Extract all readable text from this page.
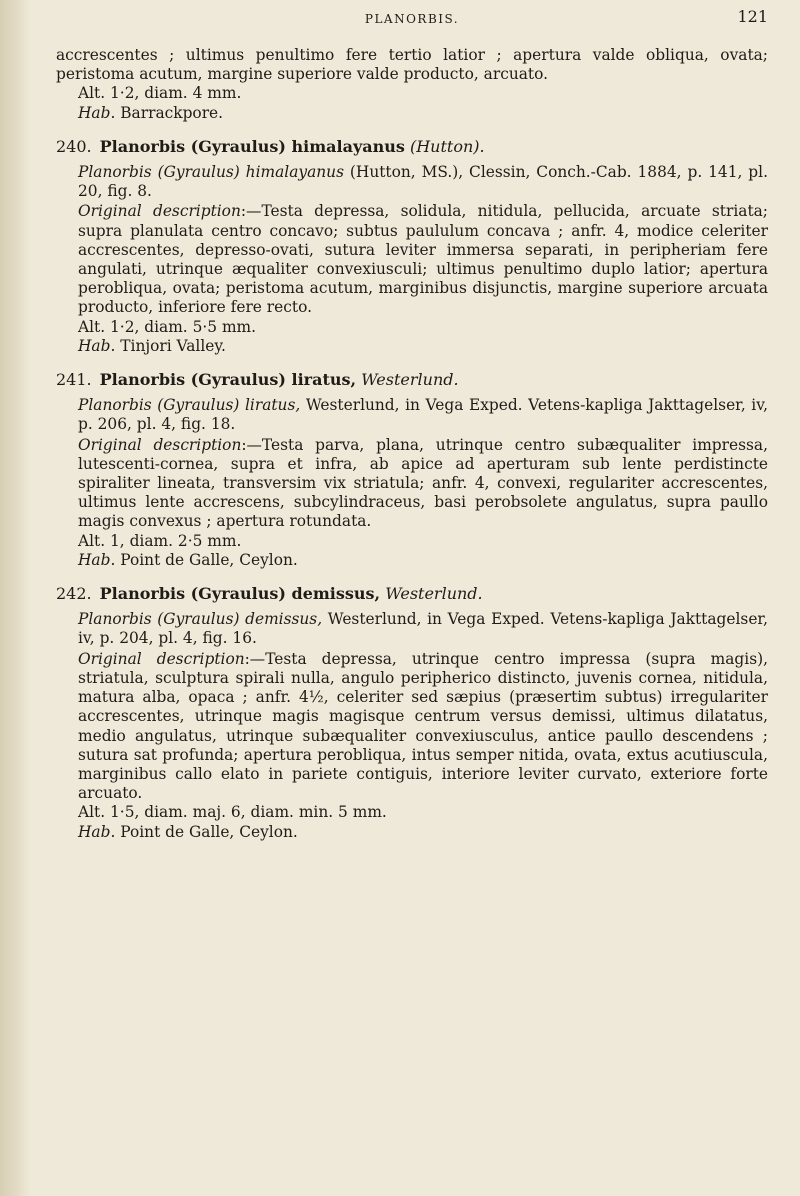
PLANORBIS.	121

accrescentes ; ultimus penultimo fere tertio latior ; apertura valde obliqua, ovata; peristoma acutum, margine superiore valde producto, arcuato.

Alt. 1·2, diam. 4 mm.

Hab. Barrackpore.

240. Planorbis (Gyraulus) himalayanus (Hutton).

Planorbis (Gyraulus) himalayanus (Hutton, MS.), Clessin, Conch.-Cab. 1884, p. 141, pl. 20, fig. 8.

Original description:—Testa depressa, solidula, nitidula, pellucida, arcuate striata; supra planulata centro concavo; subtus paululum concava ; anfr. 4, modice celeriter accrescentes, depresso-ovati, sutura leviter immersa separati, in peripheriam fere angulati, utrinque æqualiter convexiusculi; ultimus penultimo duplo latior; apertura perobliqua, ovata; peristoma acutum, marginibus disjunctis, margine superiore arcuata producto, inferiore fere recto.

Alt. 1·2, diam. 5·5 mm.

Hab. Tinjori Valley.

241. Planorbis (Gyraulus) liratus, Westerlund.

Planorbis (Gyraulus) liratus, Westerlund, in Vega Exped. Vetens-kapliga Jakttagelser, iv, p. 206, pl. 4, fig. 18.

Original description:—Testa parva, plana, utrinque centro subæqualiter impressa, lutescenti-cornea, supra et infra, ab apice ad aperturam sub lente perdistincte spiraliter lineata, transversim vix striatula; anfr. 4, convexi, regulariter accrescentes, ultimus lente accrescens, subcylindraceus, basi perobsolete angulatus, supra paullo magis convexus ; apertura rotundata.

Alt. 1, diam. 2·5 mm.

Hab. Point de Galle, Ceylon.

242. Planorbis (Gyraulus) demissus, Westerlund.

Planorbis (Gyraulus) demissus, Westerlund, in Vega Exped. Vetens-kapliga Jakttagelser, iv, p. 204, pl. 4, fig. 16.

Original description:—Testa depressa, utrinque centro impressa (supra magis), striatula, sculptura spirali nulla, angulo peripherico distincto, juvenis cornea, nitidula, matura alba, opaca ; anfr. 4½, celeriter sed sæpius (præsertim subtus) irregulariter accrescentes, utrinque magis magisque centrum versus demissi, ultimus dilatatus, medio angulatus, utrinque subæqualiter convexiusculus, antice paullo descendens ; sutura sat profunda; apertura perobliqua, intus semper nitida, ovata, extus acutiuscula, marginibus callo elato in pariete contiguis, interiore leviter curvato, exteriore forte arcuato.

Alt. 1·5, diam. maj. 6, diam. min. 5 mm.

Hab. Point de Galle, Ceylon.
